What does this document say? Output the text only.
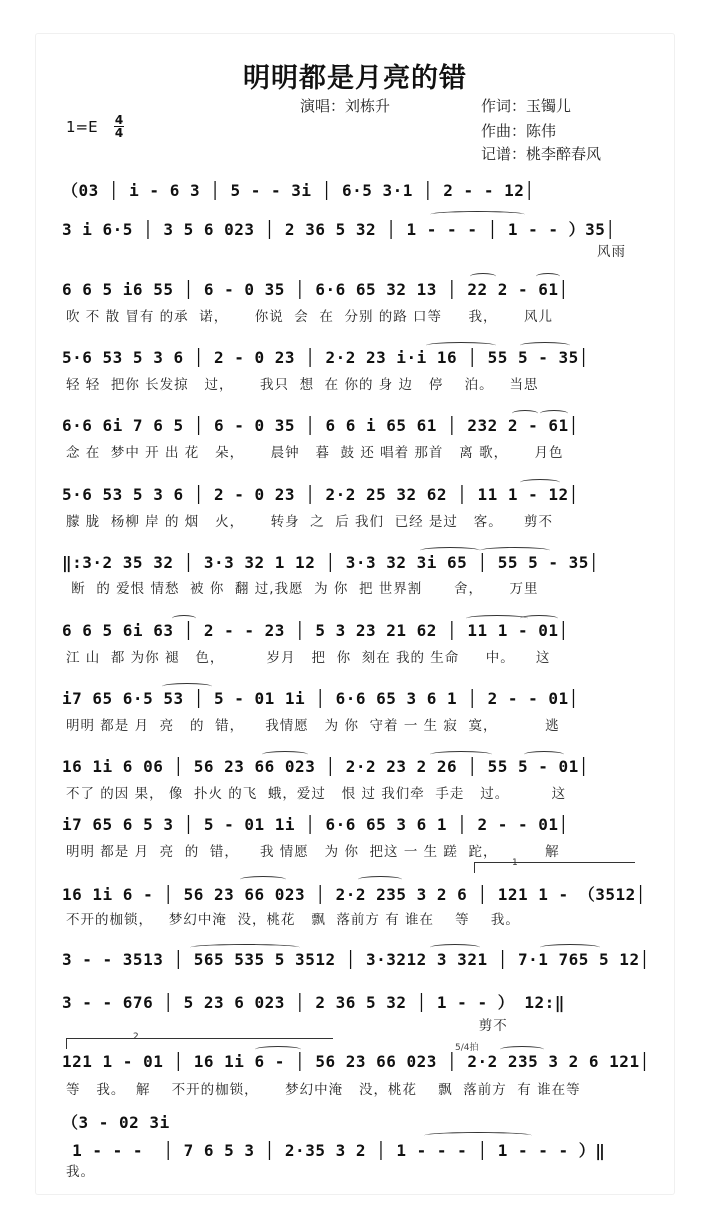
明明都是月亮的错
演唱：刘栋升	作词：玉镯儿
作曲：陈伟
记谱：桃李醉春风
1=E 4
4
（03 │ i - 6 3 │ 5 - - 3i │ 6·5 3·1 │ 2 - - 12│
3 i 6·5 │ 3 5 6 023 │ 2 36 5 32 │ 1 - - - │ 1 - - ）35│
风雨
6 6 5 i6 55 │ 6 - 0 35 │ 6·6 65 32 13 │ 22 2 - 61│
吹 不 散 冒有 的承  诺，     你说  会  在  分别 的路 口等     我，     风儿
5·6 53 5 3 6 │ 2 - 0 23 │ 2·2 23 i·i 16 │ 55 5 - 35│
轻 轻  把你 长发掠   过，     我只  想  在 你的 身 边   停    泊。   当思
6·6 6i 7 6 5 │ 6 - 0 35 │ 6 6 i 65 61 │ 232 2 - 61│
念 在  梦中 开 出 花   朵，     晨钟   暮  鼓 还 唱着 那首   离 歌，     月色
5·6 53 5 3 6 │ 2 - 0 23 │ 2·2 25 32 62 │ 11 1 - 12│
朦 胧  杨柳 岸 的 烟   火，     转身  之  后 我们  已经 是过   客。    剪不
‖:3·2 35 32 │ 3·3 32 1 12 │ 3·3 32 3i 65 │ 55 5 - 35│
断  的 爱恨 情愁  被 你  翻 过,我愿  为 你  把 世界割      舍，     万里
6 6 5 6i 63 │ 2 - - 23 │ 5 3 23 21 62 │ 11 1 - 01│
江 山  都 为你 褪   色，        岁月   把  你  刻在 我的 生命     中。    这
i7 65 6·5 53 │ 5 - 01 1i │ 6·6 65 3 6 1 │ 2 - - 01│
明明 都是 月  亮   的  错，    我情愿   为 你  守着 一 生 寂  寞，         逃
16 1i 6 06 │ 56 23 66 023 │ 2·2 23 2 26 │ 55 5 - 01│
不了 的因 果， 像  扑火 的飞  蛾，爱过   恨 过 我们牵  手走   过。        这
i7 65 6 5 3 │ 5 - 01 1i │ 6·6 65 3 6 1 │ 2 - - 01│
明明 都是 月  亮  的  错，    我 情愿   为 你  把这 一 生 蹉  跎，         解
1
16 1i 6 - │ 56 23 66 023 │ 2·2 235 3 2 6 │ 121 1 - （3512│
不开的枷锁，   梦幻中淹  没，桃花   飘  落前方 有 谁在    等    我。
3 - - 3513 │ 565 535 5 3512 │ 3·3212 3 321 │ 7·1 765 5 12│
3 - - 676 │ 5 23 6 023 │ 2 36 5 32 │ 1 - - ） 12:‖
剪不
2
5/4拍
121 1 - 01 │ 16 1i 6 - │ 56 23 66 023 │ 2·2 235 3 2 6 121│
等   我。  解    不开的枷锁，     梦幻中淹   没，桃花    飘  落前方  有 谁在等
（3 - 02 3i
1 - - -  │ 7 6 5 3 │ 2·35 3 2 │ 1 - - - │ 1 - - - ）‖
我。
